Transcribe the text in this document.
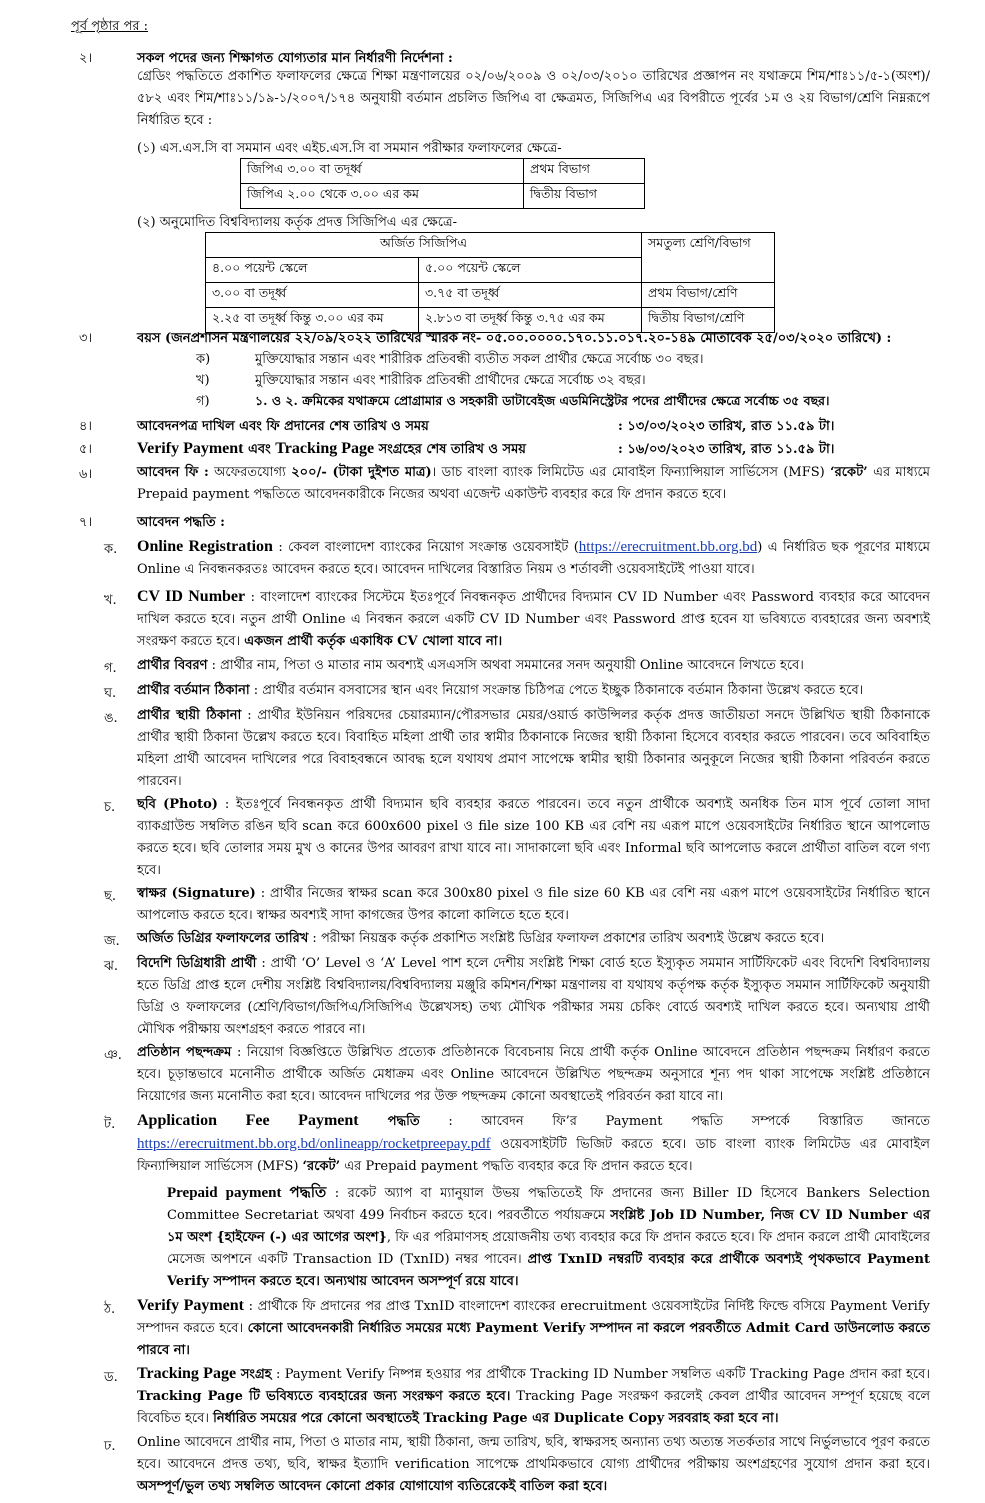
পূর্ব পৃষ্ঠার পর :
২।	সকল পদের জন্য শিক্ষাগত যোগ্যতার মান নির্ধারণী নির্দেশনা :
গ্রেডিং পদ্ধতিতে প্রকাশিত ফলাফলের ক্ষেত্রে শিক্ষা মন্ত্রণালয়ের ০২/০৬/২০০৯ ও ০২/০৩/২০১০ তারিখের প্রজ্ঞাপন নং যথাক্রমে শিম/শাঃ১১/৫-১(অংশ)/৫৮২ এবং শিম/শাঃ১১/১৯-১/২০০৭/১৭৪ অনুযায়ী বর্তমান প্রচলিত জিপিএ বা ক্ষেত্রমত, সিজিপিএ এর বিপরীতে পূর্বের ১ম ও ২য় বিভাগ/শ্রেণি নিম্নরূপে নির্ধারিত হবে :
(১) এস.এস.সি বা সমমান এবং এইচ.এস.সি বা সমমান পরীক্ষার ফলাফলের ক্ষেত্রে-
জিপিএ ৩.০০ বা তদূর্ধ্ব	প্রথম বিভাগ
জিপিএ ২.০০ থেকে ৩.০০ এর কম	দ্বিতীয় বিভাগ
(২) অনুমোদিত বিশ্ববিদ্যালয় কর্তৃক প্রদত্ত সিজিপিএ এর ক্ষেত্রে-
অর্জিত সিজিপিএ		সমতুল্য শ্রেণি/বিভাগ
৪.০০ পয়েন্ট স্কেলে	৫.০০ পয়েন্ট স্কেলে	
৩.০০ বা তদূর্ধ্ব	৩.৭৫ বা তদূর্ধ্ব	প্রথম বিভাগ/শ্রেণি
২.২৫ বা তদূর্ধ্ব কিন্তু ৩.০০ এর কম	২.৮১৩ বা তদূর্ধ্ব কিন্তু ৩.৭৫ এর কম	দ্বিতীয় বিভাগ/শ্রেণি
৩।	বয়স (জনপ্রশাসন মন্ত্রণালয়ের ২২/০৯/২০২২ তারিখের স্মারক নং- ০৫.০০.০০০০.১৭০.১১.০১৭.২০-১৪৯ মোতাবেক ২৫/০৩/২০২০ তারিখে) :
ক)	মুক্তিযোদ্ধার সন্তান এবং শারীরিক প্রতিবন্ধী ব্যতীত সকল প্রার্থীর ক্ষেত্রে সর্বোচ্চ ৩০ বছর।
খ)	মুক্তিযোদ্ধার সন্তান এবং শারীরিক প্রতিবন্ধী প্রার্থীদের ক্ষেত্রে সর্বোচ্চ ৩২ বছর।
গ)	১. ও ২. ক্রমিকের যথাক্রমে প্রোগ্রামার ও সহকারী ডাটাবেইজ এডমিনিস্ট্রেটর পদের প্রার্থীদের ক্ষেত্রে সর্বোচ্চ ৩৫ বছর।
৪।	আবেদনপত্র দাখিল এবং ফি প্রদানের শেষ তারিখ ও সময়	: ১৩/০৩/২০২৩ তারিখ, রাত ১১.৫৯ টা।
৫।	Verify Payment এবং Tracking Page সংগ্রহের শেষ তারিখ ও সময়	: ১৬/০৩/২০২৩ তারিখ, রাত ১১.৫৯ টা।
৬।	আবেদন ফি : অফেরতযোগ্য ২০০/- (টাকা দুইশত মাত্র)। ডাচ বাংলা ব্যাংক লিমিটেড এর মোবাইল ফিন্যান্সিয়াল সার্ভিসেস (MFS) ‘রকেট’ এর মাধ্যমে Prepaid payment পদ্ধতিতে আবেদনকারীকে নিজের অথবা এজেন্ট একাউন্ট ব্যবহার করে ফি প্রদান করতে হবে।
৭।	আবেদন পদ্ধতি :
ক. Online Registration : কেবল বাংলাদেশ ব্যাংকের নিয়োগ সংক্রান্ত ওয়েবসাইট (https://erecruitment.bb.org.bd) এ নির্ধারিত ছক পূরণের মাধ্যমে Online এ নিবন্ধনকরতঃ আবেদন করতে হবে। আবেদন দাখিলের বিস্তারিত নিয়ম ও শর্তাবলী ওয়েবসাইটেই পাওয়া যাবে।
খ. CV ID Number : বাংলাদেশ ব্যাংকের সিস্টেমে ইতঃপূর্বে নিবন্ধনকৃত প্রার্থীদের বিদ্যমান CV ID Number এবং Password ব্যবহার করে আবেদন দাখিল করতে হবে। নতুন প্রার্থী Online এ নিবন্ধন করলে একটি CV ID Number এবং Password প্রাপ্ত হবেন যা ভবিষ্যতে ব্যবহারের জন্য অবশ্যই সংরক্ষণ করতে হবে। একজন প্রার্থী কর্তৃক একাধিক CV খোলা যাবে না।
গ. প্রার্থীর বিবরণ : প্রার্থীর নাম, পিতা ও মাতার নাম অবশ্যই এসএসসি অথবা সমমানের সনদ অনুযায়ী Online আবেদনে লিখতে হবে।
ঘ. প্রার্থীর বর্তমান ঠিকানা : প্রার্থীর বর্তমান বসবাসের স্থান এবং নিয়োগ সংক্রান্ত চিঠিপত্র পেতে ইচ্ছুক ঠিকানাকে বর্তমান ঠিকানা উল্লেখ করতে হবে।
ঙ. প্রার্থীর স্থায়ী ঠিকানা : প্রার্থীর ইউনিয়ন পরিষদের চেয়ারম্যান/পৌরসভার মেয়র/ওয়ার্ড কাউন্সিলর কর্তৃক প্রদত্ত জাতীয়তা সনদে উল্লিখিত স্থায়ী ঠিকানাকে প্রার্থীর স্থায়ী ঠিকানা উল্লেখ করতে হবে। বিবাহিত মহিলা প্রার্থী তার স্বামীর ঠিকানাকে নিজের স্থায়ী ঠিকানা হিসেবে ব্যবহার করতে পারবেন। তবে অবিবাহিত মহিলা প্রার্থী আবেদন দাখিলের পরে বিবাহবন্ধনে আবদ্ধ হলে যথাযথ প্রমাণ সাপেক্ষে স্বামীর স্থায়ী ঠিকানার অনুকূলে নিজের স্থায়ী ঠিকানা পরিবর্তন করতে পারবেন।
চ. ছবি (Photo) : ইতঃপূর্বে নিবন্ধনকৃত প্রার্থী বিদ্যমান ছবি ব্যবহার করতে পারবেন। তবে নতুন প্রার্থীকে অবশ্যই অনধিক তিন মাস পূর্বে তোলা সাদা ব্যাকগ্রাউন্ড সম্বলিত রঙিন ছবি scan করে 600x600 pixel ও file size 100 KB এর বেশি নয় এরূপ মাপে ওয়েবসাইটের নির্ধারিত স্থানে আপলোড করতে হবে। ছবি তোলার সময় মুখ ও কানের উপর আবরণ রাখা যাবে না। সাদাকালো ছবি এবং Informal ছবি আপলোড করলে প্রার্থীতা বাতিল বলে গণ্য হবে।
ছ. স্বাক্ষর (Signature) : প্রার্থীর নিজের স্বাক্ষর scan করে 300x80 pixel ও file size 60 KB এর বেশি নয় এরূপ মাপে ওয়েবসাইটের নির্ধারিত স্থানে আপলোড করতে হবে। স্বাক্ষর অবশ্যই সাদা কাগজের উপর কালো কালিতে হতে হবে।
জ. অর্জিত ডিগ্রির ফলাফলের তারিখ : পরীক্ষা নিয়ন্ত্রক কর্তৃক প্রকাশিত সংশ্লিষ্ট ডিগ্রির ফলাফল প্রকাশের তারিখ অবশ্যই উল্লেখ করতে হবে।
ঝ. বিদেশি ডিগ্রিধারী প্রার্থী : প্রার্থী ‘O’ Level ও ‘A’ Level পাশ হলে দেশীয় সংশ্লিষ্ট শিক্ষা বোর্ড হতে ইস্যুকৃত সমমান সার্টিফিকেট এবং বিদেশি বিশ্ববিদ্যালয় হতে ডিগ্রি প্রাপ্ত হলে দেশীয় সংশ্লিষ্ট বিশ্ববিদ্যালয়/বিশ্ববিদ্যালয় মঞ্জুরি কমিশন/শিক্ষা মন্ত্রণালয় বা যথাযথ কর্তৃপক্ষ কর্তৃক ইস্যুকৃত সমমান সার্টিফিকেট অনুযায়ী ডিগ্রি ও ফলাফলের (শ্রেণি/বিভাগ/জিপিএ/সিজিপিএ উল্লেখসহ) তথ্য মৌখিক পরীক্ষার সময় চেকিং বোর্ডে অবশ্যই দাখিল করতে হবে। অন্যথায় প্রার্থী মৌখিক পরীক্ষায় অংশগ্রহণ করতে পারবে না।
ঞ. প্রতিষ্ঠান পছন্দক্রম : নিয়োগ বিজ্ঞপ্তিতে উল্লিখিত প্রত্যেক প্রতিষ্ঠানকে বিবেচনায় নিয়ে প্রার্থী কর্তৃক Online আবেদনে প্রতিষ্ঠান পছন্দক্রম নির্ধারণ করতে হবে। চূড়ান্তভাবে মনোনীত প্রার্থীকে অর্জিত মেধাক্রম এবং Online আবেদনে উল্লিখিত পছন্দক্রম অনুসারে শূন্য পদ থাকা সাপেক্ষে সংশ্লিষ্ট প্রতিষ্ঠানে নিয়োগের জন্য মনোনীত করা হবে। আবেদন দাখিলের পর উক্ত পছন্দক্রম কোনো অবস্থাতেই পরিবর্তন করা যাবে না।
ট. Application Fee Payment পদ্ধতি : আবেদন ফি’র Payment পদ্ধতি সম্পর্কে বিস্তারিত জানতে https://erecruitment.bb.org.bd/onlineapp/rocketpreepay.pdf ওয়েবসাইটটি ভিজিট করতে হবে। ডাচ বাংলা ব্যাংক লিমিটেড এর মোবাইল ফিন্যান্সিয়াল সার্ভিসেস (MFS) ‘রকেট’ এর Prepaid payment পদ্ধতি ব্যবহার করে ফি প্রদান করতে হবে।
Prepaid payment পদ্ধতি : রকেট অ্যাপ বা ম্যানুয়াল উভয় পদ্ধতিতেই ফি প্রদানের জন্য Biller ID হিসেবে Bankers Selection Committee Secretariat অথবা 499 নির্বাচন করতে হবে। পরবর্তীতে পর্যায়ক্রমে সংশ্লিষ্ট Job ID Number, নিজ CV ID Number এর ১ম অংশ {হাইফেন (-) এর আগের অংশ}, ফি এর পরিমাণসহ প্রয়োজনীয় তথ্য ব্যবহার করে ফি প্রদান করতে হবে। ফি প্রদান করলে প্রার্থী মোবাইলের মেসেজ অপশনে একটি Transaction ID (TxnID) নম্বর পাবেন। প্রাপ্ত TxnID নম্বরটি ব্যবহার করে প্রার্থীকে অবশ্যই পৃথকভাবে Payment Verify সম্পাদন করতে হবে। অন্যথায় আবেদন অসম্পূর্ণ রয়ে যাবে।
ঠ. Verify Payment : প্রার্থীকে ফি প্রদানের পর প্রাপ্ত TxnID বাংলাদেশ ব্যাংকের erecruitment ওয়েবসাইটের নির্দিষ্ট ফিল্ডে বসিয়ে Payment Verify সম্পাদন করতে হবে। কোনো আবেদনকারী নির্ধারিত সময়ের মধ্যে Payment Verify সম্পাদন না করলে পরবর্তীতে Admit Card ডাউনলোড করতে পারবে না।
ড. Tracking Page সংগ্রহ : Payment Verify নিষ্পন্ন হওয়ার পর প্রার্থীকে Tracking ID Number সম্বলিত একটি Tracking Page প্রদান করা হবে। Tracking Page টি ভবিষ্যতে ব্যবহারের জন্য সংরক্ষণ করতে হবে। Tracking Page সংরক্ষণ করলেই কেবল প্রার্থীর আবেদন সম্পূর্ণ হয়েছে বলে বিবেচিত হবে। নির্ধারিত সময়ের পরে কোনো অবস্থাতেই Tracking Page এর Duplicate Copy সরবরাহ করা হবে না।
ঢ. Online আবেদনে প্রার্থীর নাম, পিতা ও মাতার নাম, স্থায়ী ঠিকানা, জন্ম তারিখ, ছবি, স্বাক্ষরসহ অন্যান্য তথ্য অত্যন্ত সতর্কতার সাথে নির্ভুলভাবে পূরণ করতে হবে। আবেদনে প্রদত্ত তথ্য, ছবি, স্বাক্ষর ইত্যাদি verification সাপেক্ষে প্রাথমিকভাবে যোগ্য প্রার্থীদের পরীক্ষায় অংশগ্রহণের সুযোগ প্রদান করা হবে। অসম্পূর্ণ/ভুল তথ্য সম্বলিত আবেদন কোনো প্রকার যোগাযোগ ব্যতিরেকেই বাতিল করা হবে।
